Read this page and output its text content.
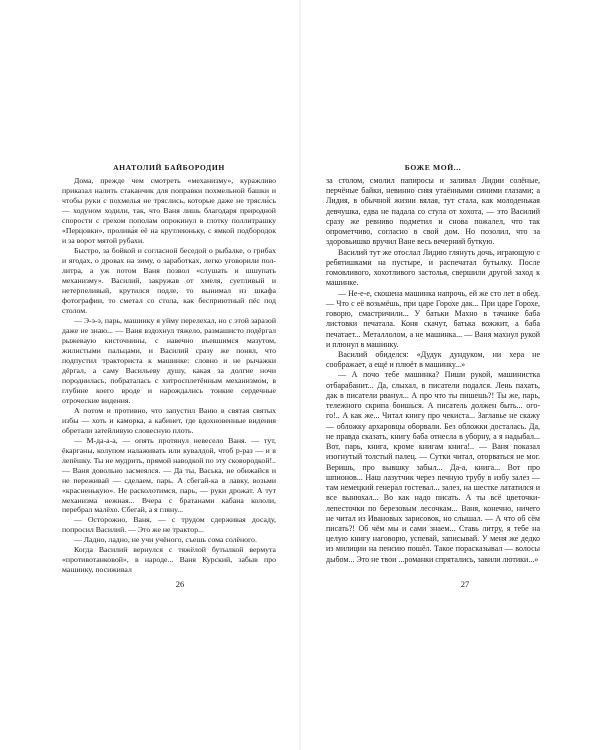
АНАТОЛИЙ БАЙБОРОДИН

Дома, прежде чем смотреть «механизму», куражливо приказал налить стаканчик для поправки похмельной башки и чтобы руки с похмелья не тряслись, которые даже не трясли́сь — ходуном ходили, так, что Ваня лишь благодаря природной спорости с грехом пополам опрокинул в глотку поллитрашку «Перцовки», пролива́я её на крутлеюньку, с ямкой подбородок и за ворот мятой рубахи.

Быстро, за бойкой и согласной беседой о рыбалке, о грибах и ягодах, о дровах на зиму, о заработках, легко уговорили пол-литра, а уж потом Ваня позвол «слушать и шшупать механизму». Василий, закружав от хмеля, суетливый и нетерпеливый, крутился подле, то вынимал из шкафа фотографии, то сметал со стола, как бесприютный пёс под столом.

— Э-э-э, парь, машинку я уйму перелехал, но с этой заразой даже не знаю... — Ваня вздохнул тяжело, размашисто подёргал рыжеваую кисточнины, с навечно въевшимся мазутом, жилистыми пальцами, и Василий сразу же понял, что подпустил тракториста к машинке: словно и не рычажки дёргал, а саму Васильеву душу, какая за долгие ночи породнилась, побраталась с хитросплетённым механизмом, в глубине коего вроде и нарождались тонкие сердечные отроческие видения.

А потом и противно, что запустил Ваню в святая святых избы — хоть и каморка, а кабинет, где вдохновенные видения обретали затейливую словесную плоть.

— М-да-а-а, — опять протянул невесело Ваня. — тут, ёкарганы, колупом налаживать или кувалдой, чтоб р-раз — и в лепёшку. Ты не мудрить, прямой наводкой по эту сковородкой!.. — Ваня довольно засмеялся. — Да ты, Васька, не обижайся и не переживай — сделаем, парь. А сбегай-ка в лавку, возьми «красненькую». Не расколотимся, парь, — руки дрожат. А тут механизма нежная... Вчера с братанами кабана кололи, перебрал малёхо. Сбегай, а я гляну...

— Осторожно, Ваня, — с трудом сдерживая досаду, попросил Василий. — Это же не трактор...

— Ладно, ладно, не учи учёного, съешь сома солёного.

Когда Василий вернулся с тяжёлой бутылкой вермута «противотанковой», в народе... Ваня Курский, забыв про машинку, посиживал

26
БОЖЕ МОЙ...

за столом, смолил папиросы и заливал Лидии солёные, перчёные байки, невинно сняя утаёнными синими глазами; а Лидия, в обычной жизни вялая, тут стала, как молоденькая девчушка, едва не падала со стула от хохота, — это Василий сразу же ревниво подметил и снова пожалел, что так опрометчиво, согласно в свой дом. Но позолил, что за здоровьишко вручил Ване весь вечерний буткую.

Василий тут же отослал Лидию глянуть дочь, играющую с ребятишками на пустыре, и распечатал бутылку. После гомовливого, хохотливого застолья, свершили другой заход к машинке.

— Не-е-е, скошена машинка напрочь, ей же сто лет в обед. — Что с её возьмёшь, при царе Горохе дак... При царе Горохе, говорю, смастричили... У батьки Махно в тачанке баба листовки печатала. Коня скачут, батька вожжит, а баба печатает... Металлолом, а не машинка... — Ваня махнул рукой и плюнул в машинку.

Василий обиделся: «Дудук дундуком, ни хера не соображает, а ещё и плюёт в машинку...»

— А почо тебе машинка? Пиши рукой, машинистка отбарабанит... Да, слыхал, в писатели подался. Лень пахать, дак в писатели рванул... А про что ты пишешь?! Ты же, парь, тележного скрипа боишься. А писатель должен быть... ого-го!.. А как же... Читал книгу про чекиста... Заглавье не скажу — обложку архаровцы оборвали. Без обложки досталась. Да, не правда сказать, книгу баба отнесла в уборну, а я надыбал... Вот, парь, книга, кроме книгам книга!.. — Ваня показал изогнутый толстый палец. — Сутки читал, оторваться не мог. Веришь, про вывшку забыл... Да-а, книга... Вот про шпионов... Наш лазутчик через печную трубу в избу залез — там немецкий генерал гостевал... залез, на шестке лататился и все вынюхал... Во как надо писать. А ты всё цветочки-лепесточки по березовым лесочкам... Ваня, конечно, ничего не читал из Ивановых зарисовок, но слышал. — А что об сём писать?! Об чём мы и сами знаем... Ставь литру, я тебе на целую книгу наговорю, успевай, записывай. У меня же дедко из милиции на пенсию пошёл. Такое порасказывал — волосы дыбом... Это не твои ...романки спрятались, завили лютики...»

27
